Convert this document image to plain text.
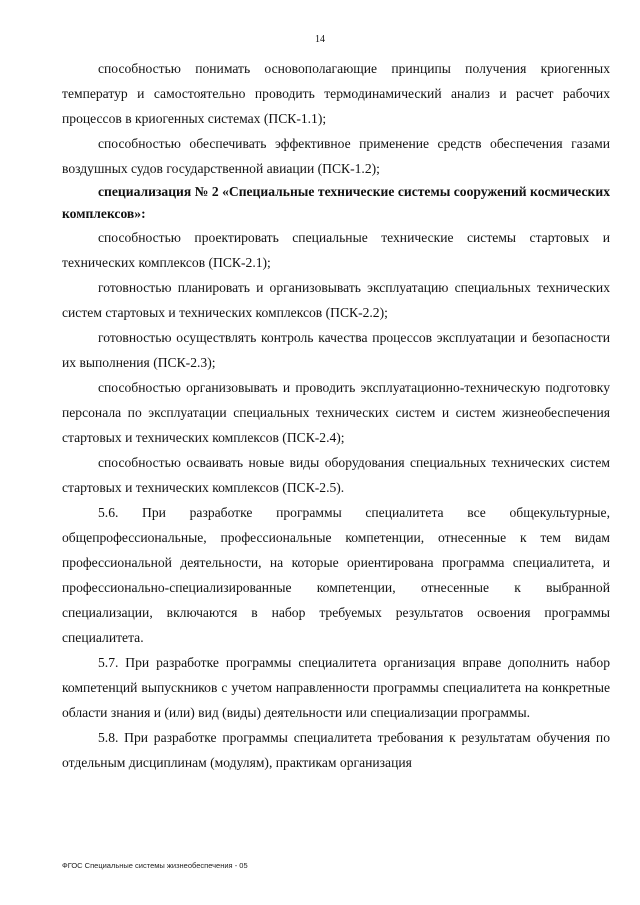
14

способностью понимать основополагающие принципы получения криогенных температур и самостоятельно проводить термодинамический анализ и расчет рабочих процессов в криогенных системах (ПСК-1.1);

способностью обеспечивать эффективное применение средств обеспечения газами воздушных судов государственной авиации (ПСК-1.2);

специализация № 2 «Специальные технические системы сооружений космических комплексов»:

способностью проектировать специальные технические системы стартовых и технических комплексов (ПСК-2.1);

готовностью планировать и организовывать эксплуатацию специальных технических систем стартовых и технических комплексов (ПСК-2.2);

готовностью осуществлять контроль качества процессов эксплуатации и безопасности их выполнения (ПСК-2.3);

способностью организовывать и проводить эксплуатационно-техническую подготовку персонала по эксплуатации специальных технических систем и систем жизнеобеспечения стартовых и технических комплексов (ПСК-2.4);

способностью осваивать новые виды оборудования специальных технических систем стартовых и технических комплексов (ПСК-2.5).

5.6. При разработке программы специалитета все общекультурные, общепрофессиональные, профессиональные компетенции, отнесенные к тем видам профессиональной деятельности, на которые ориентирована программа специалитета, и профессионально-специализированные компетенции, отнесенные к выбранной специализации, включаются в набор требуемых результатов освоения программы специалитета.

5.7. При разработке программы специалитета организация вправе дополнить набор компетенций выпускников с учетом направленности программы специалитета на конкретные области знания и (или) вид (виды) деятельности или специализации программы.

5.8. При разработке программы специалитета требования к результатам обучения по отдельным дисциплинам (модулям), практикам организация

ФГОС Специальные системы жизнеобеспечения - 05
